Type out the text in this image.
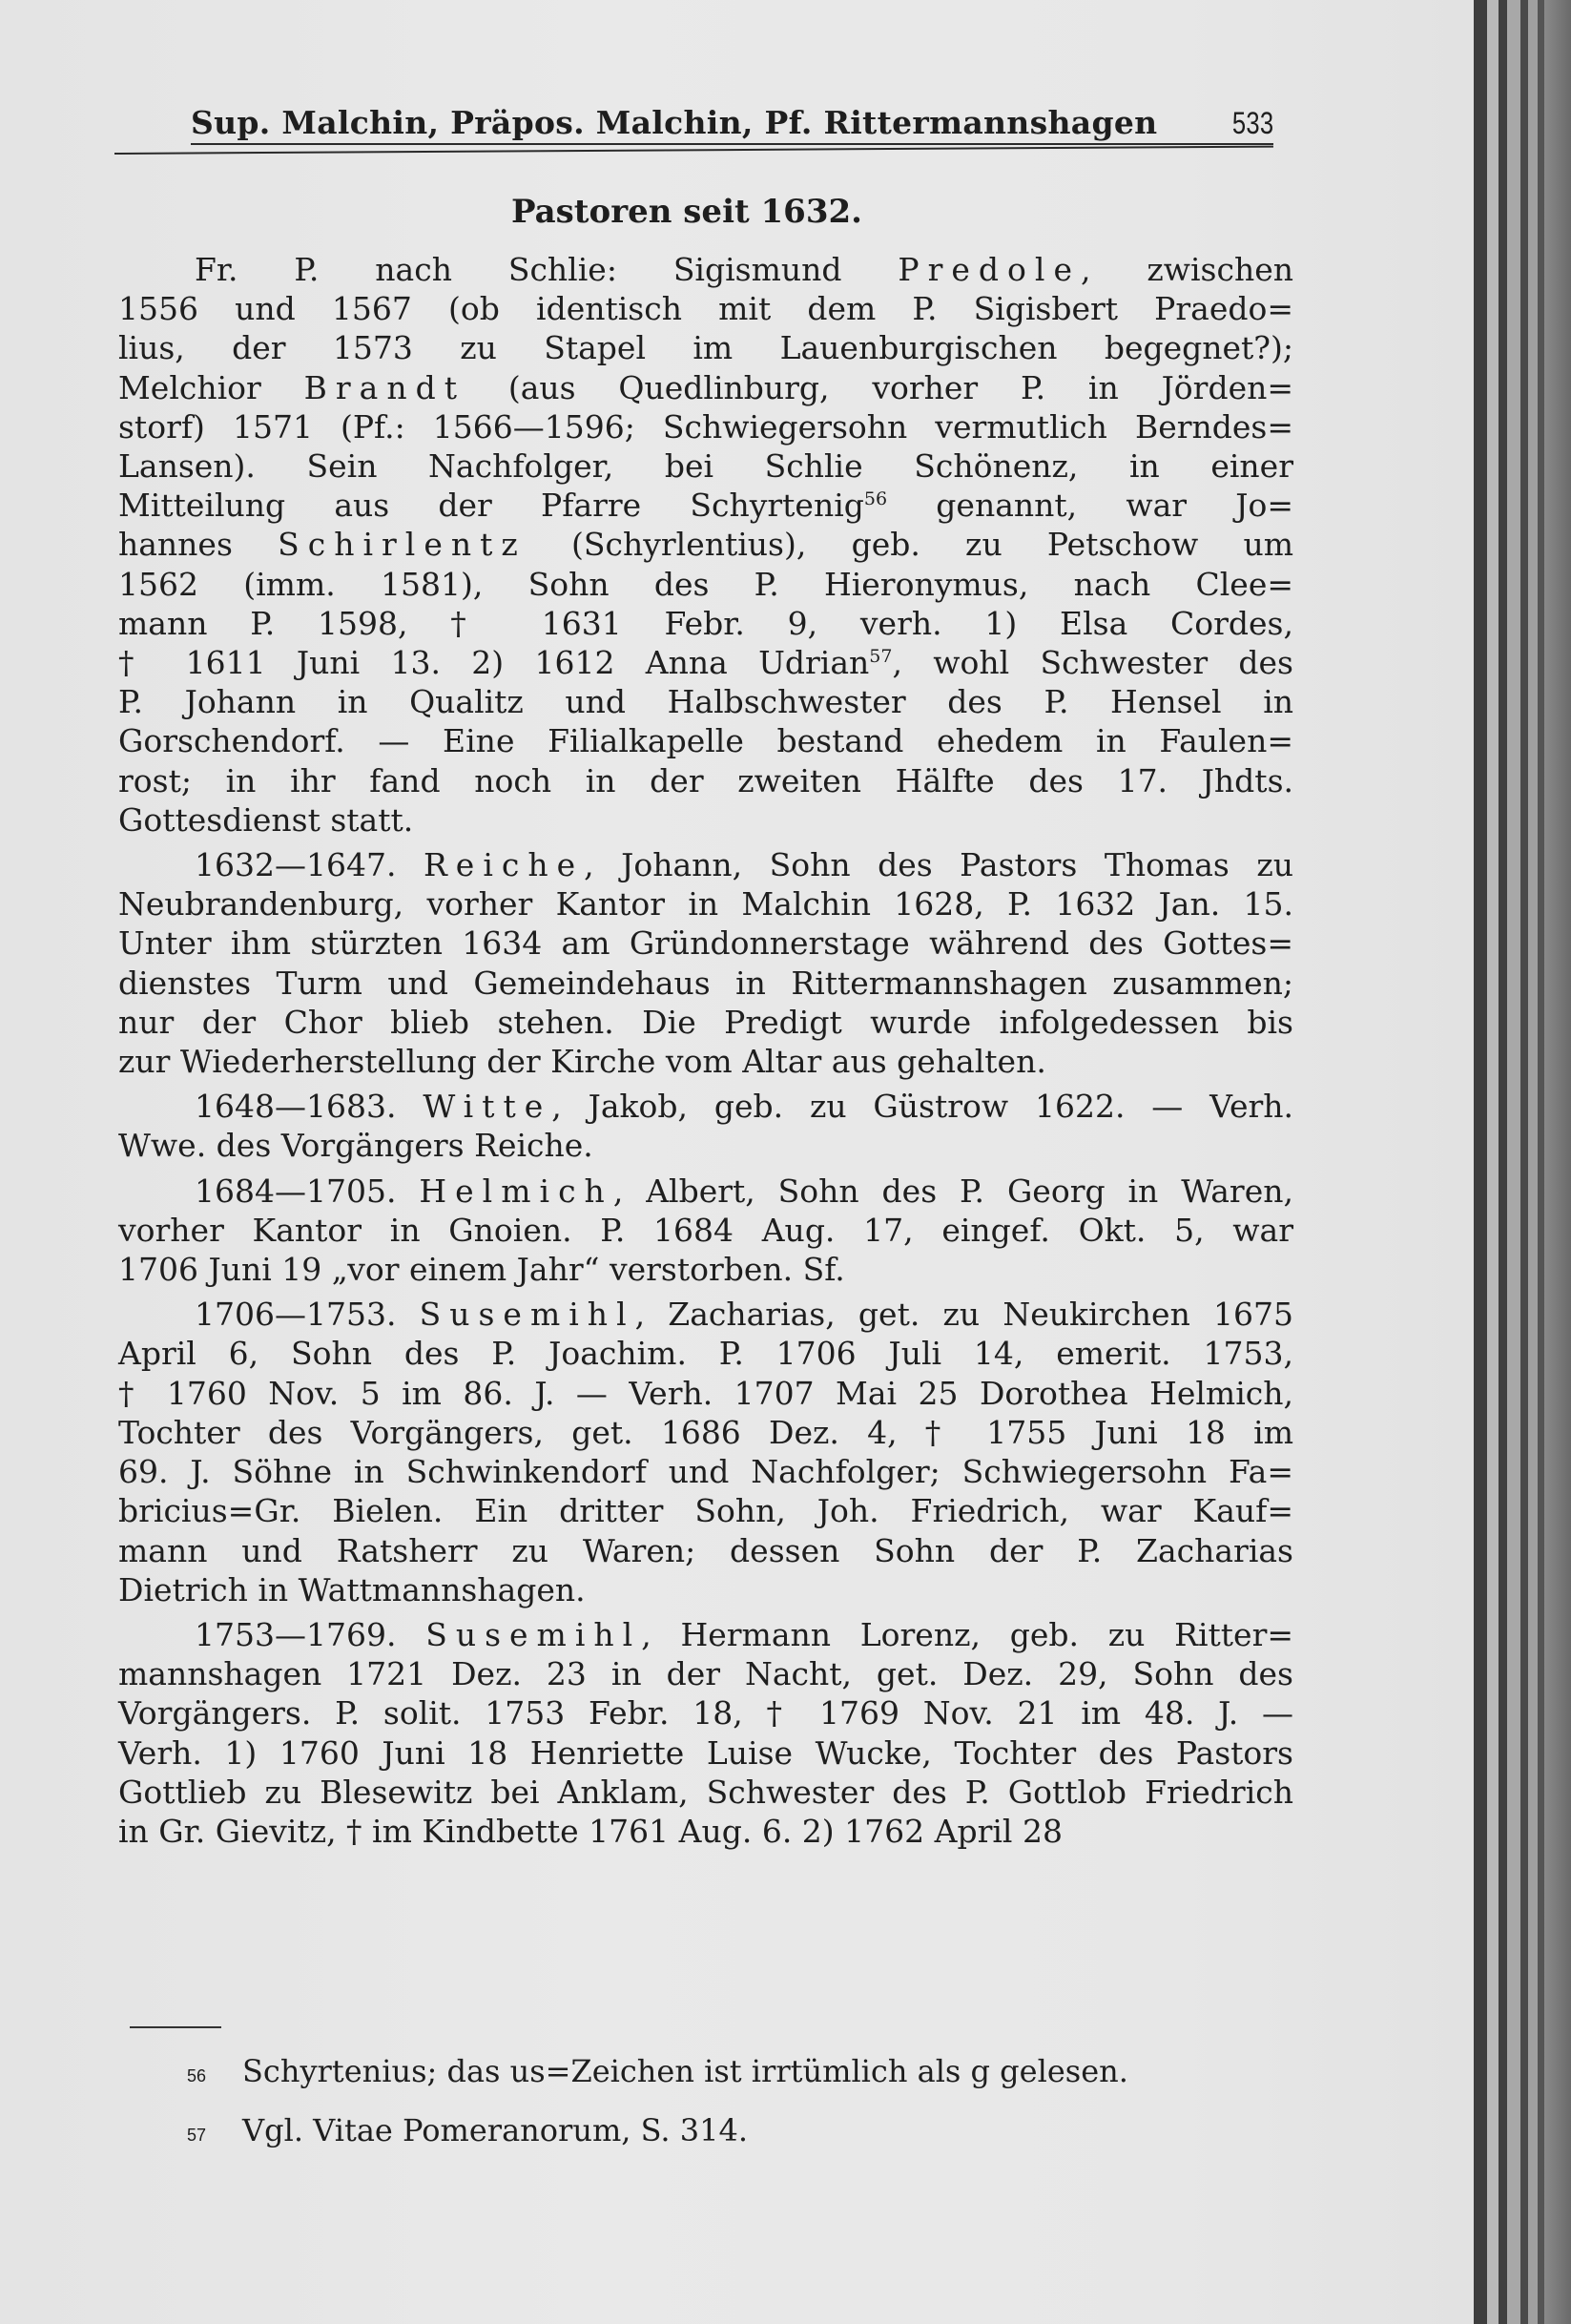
Sup. Malchin, Präpos. Malchin, Pf. Rittermannshagen 533
Pastoren seit 1632.
Fr. P. nach Schlie: Sigismund Predole, zwischen
1556 und 1567 (ob identisch mit dem P. Sigisbert Praedo=
lius, der 1573 zu Stapel im Lauenburgischen begegnet?);
Melchior Brandt (aus Quedlinburg, vorher P. in Jörden=
storf) 1571 (Pf.: 1566—1596; Schwiegersohn vermutlich Berndes=
Lansen). Sein Nachfolger, bei Schlie Schönenz, in einer
Mitteilung aus der Pfarre Schyrtenig$^{56}$ genannt, war Jo=
hannes Schirlentz (Schyrlentius), geb. zu Petschow um
1562 (imm. 1581), Sohn des P. Hieronymus, nach Clee=
mann P. 1598, † 1631 Febr. 9, verh. 1) Elsa Cordes,
† 1611 Juni 13. 2) 1612 Anna Udrian$^{57}$, wohl Schwester des
P. Johann in Qualitz und Halbschwester des P. Hensel in
Gorschendorf. — Eine Filialkapelle bestand ehedem in Faulen=
rost; in ihr fand noch in der zweiten Hälfte des 17. Jhdts.
Gottesdienst statt.
1632—1647. Reiche, Johann, Sohn des Pastors Thomas zu
Neubrandenburg, vorher Kantor in Malchin 1628, P. 1632 Jan. 15.
Unter ihm stürzten 1634 am Gründonnerstage während des Gottes=
dienstes Turm und Gemeindehaus in Rittermannshagen zusammen;
nur der Chor blieb stehen. Die Predigt wurde infolgedessen bis
zur Wiederherstellung der Kirche vom Altar aus gehalten.
1648—1683. Witte, Jakob, geb. zu Güstrow 1622. — Verh.
Wwe. des Vorgängers Reiche.
1684—1705. Helmich, Albert, Sohn des P. Georg in Waren,
vorher Kantor in Gnoien. P. 1684 Aug. 17, eingef. Okt. 5, war
1706 Juni 19 „vor einem Jahr“ verstorben. Sf.
1706—1753. Susemihl, Zacharias, get. zu Neukirchen 1675
April 6, Sohn des P. Joachim. P. 1706 Juli 14, emerit. 1753,
† 1760 Nov. 5 im 86. J. — Verh. 1707 Mai 25 Dorothea Helmich,
Tochter des Vorgängers, get. 1686 Dez. 4, † 1755 Juni 18 im
69. J. Söhne in Schwinkendorf und Nachfolger; Schwiegersohn Fa=
bricius=Gr. Bielen. Ein dritter Sohn, Joh. Friedrich, war Kauf=
mann und Ratsherr zu Waren; dessen Sohn der P. Zacharias
Dietrich in Wattmannshagen.
1753—1769. Susemihl, Hermann Lorenz, geb. zu Ritter=
mannshagen 1721 Dez. 23 in der Nacht, get. Dez. 29, Sohn des
Vorgängers. P. solit. 1753 Febr. 18, † 1769 Nov. 21 im 48. J. —
Verh. 1) 1760 Juni 18 Henriette Luise Wucke, Tochter des Pastors
Gottlieb zu Blesewitz bei Anklam, Schwester des P. Gottlob Friedrich
in Gr. Gievitz, † im Kindbette 1761 Aug. 6. 2) 1762 April 28
56	Schyrtenius; das us=Zeichen ist irrtümlich als g gelesen.
57	Vgl. Vitae Pomeranorum, S. 314.
